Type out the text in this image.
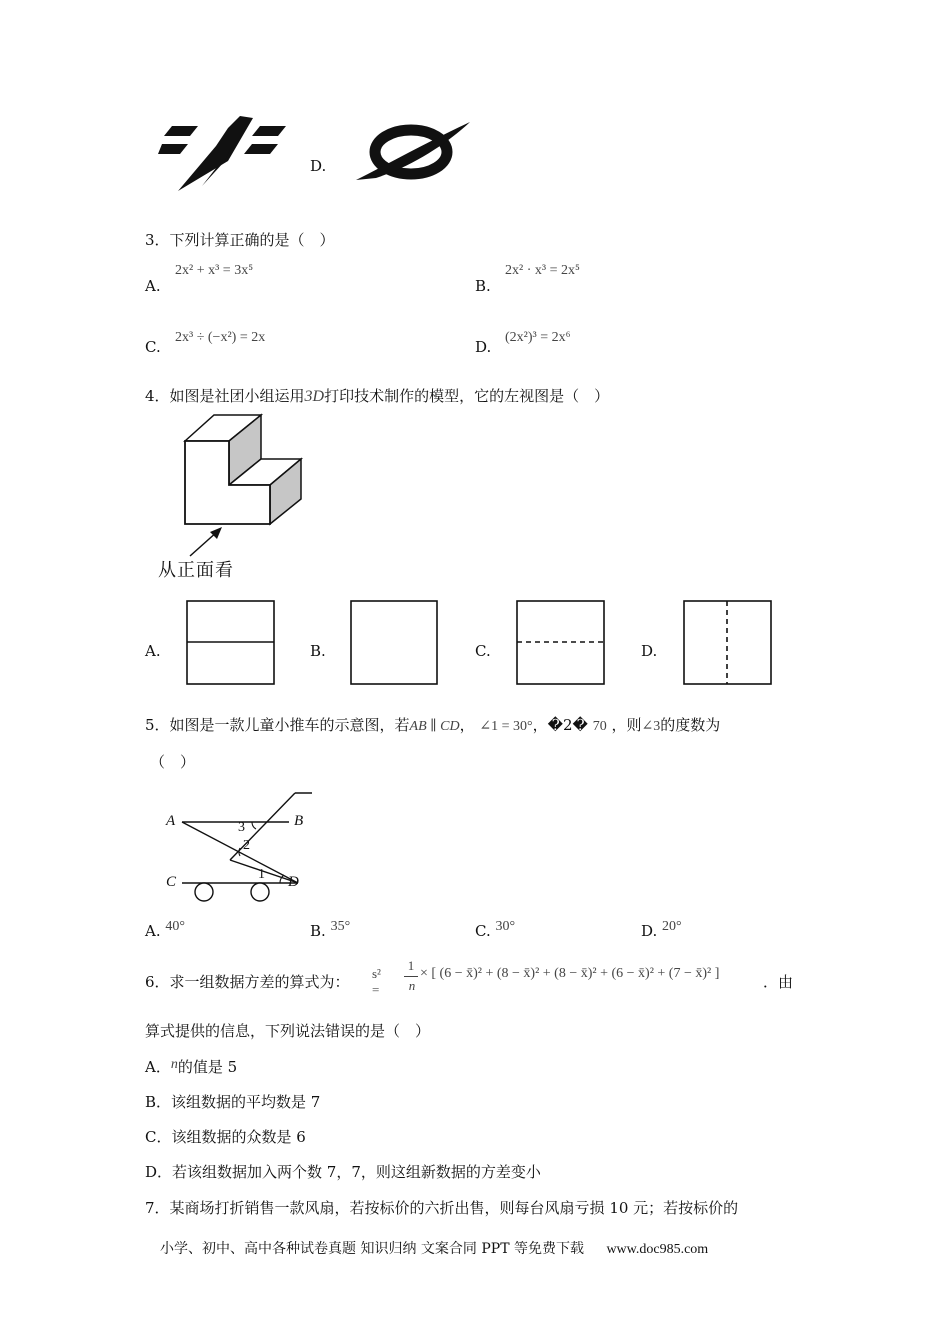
D.
3．下列计算正确的是（　）
A.
2x² + x³ = 3x⁵
B.
2x² · x³ = 2x⁵
C.
2x³ ÷ (−x²) = 2x
D.
(2x²)³ = 2x⁶
4．如图是社团小组运用3D打印技术制作的模型，它的左视图是（　）
从正面看
A.	B.	C.	D.
5．如图是一款儿童小推车的示意图，若AB ∥ CD， ∠1 = 30°，�2� 70 ，则∠3的度数为
（　）
A	B
C	D
3
2
1
A. 40°	B. 35°	C. 30°	D. 20°
6．求一组数据方差的算式为： s² =
1
n
× [ (6 − x̄)² + (8 − x̄)² + (8 − x̄)² + (6 − x̄)² + (7 − x̄)² ]	．由
算式提供的信息，下列说法错误的是（　）
A．n的值是 5
B．该组数据的平均数是 7
C．该组数据的众数是 6
D．若该组数据加入两个数 7，7，则这组新数据的方差变小
7．某商场打折销售一款风扇，若按标价的六折出售，则每台风扇亏损 10 元；若按标价的
小学、初中、高中各种试卷真题 知识归纳 文案合同 PPT 等免费下载 www.doc985.com
